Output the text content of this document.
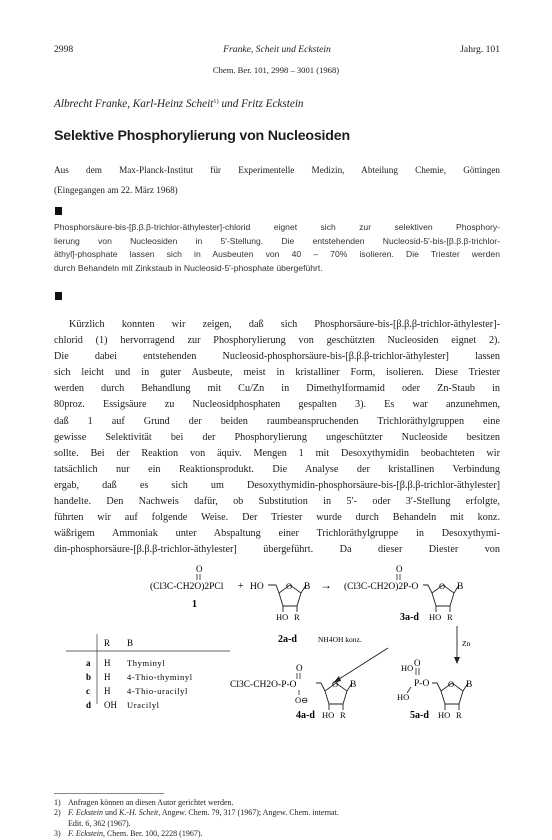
2998	Franke, Scheit und Eckstein	Jahrg. 101
Chem. Ber. 101, 2998 – 3001 (1968)
Albrecht Franke, Karl-Heinz Scheit$^{1)}$ und Fritz Eckstein
Selektive Phosphorylierung von Nucleosiden
Aus dem Max-Planck-Institut für Experimentelle Medizin, Abteilung Chemie, Göttingen
(Eingegangen am 22. März 1968)
Phosphorsäure-bis-[β.β.β-trichlor-äthylester]-chlorid eignet sich zur selektiven Phosphory-
lierung von Nucleosiden in 5′-Stellung. Die entstehenden Nucleosid-5′-bis-[β.β.β-trichlor-
äthyl]-phosphate lassen sich in Ausbeuten von 40 – 70% isolieren. Die Triester werden
durch Behandeln mit Zinkstaub in Nucleosid-5′-phosphate übergeführt.
Kürzlich konnten wir zeigen, daß sich Phosphorsäure-bis-[β.β.β-trichlor-äthylester]-
chlorid (1) hervorragend zur Phosphorylierung von geschützten Nucleosiden eignet 2).
Die dabei entstehenden Nucleosid-phosphorsäure-bis-[β.β.β-trichlor-äthylester] lassen
sich leicht und in guter Ausbeute, meist in kristalliner Form, isolieren. Diese Triester
werden durch Behandlung mit Cu/Zn in Dimethylformamid oder Zn-Staub in
80proz. Essigsäure zu Nucleosidphosphaten gespalten 3). Es war anzunehmen,
daß 1 auf Grund der beiden raumbeanspruchenden Trichloräthylgruppen eine
gewisse Selektivität bei der Phosphorylierung ungeschützter Nucleoside besitzen
sollte. Bei der Reaktion von äquiv. Mengen 1 mit Desoxythymidin beobachteten wir
tatsächlich nur ein Reaktionsprodukt. Die Analyse der kristallinen Verbindung
ergab, daß es sich um Desoxythymidin-phosphorsäure-bis-[β.β.β-trichlor-äthylester]
handelte. Den Nachweis dafür, ob Substitution in 5′- oder 3′-Stellung erfolgte,
führten wir auf folgende Weise. Der Triester wurde durch Behandeln mit konz.
wäßrigem Ammoniak unter Abspaltung einer Trichloräthylgruppe in Desoxythymi-
din-phosphorsäure-[β.β.β-trichlor-äthylester] übergeführt. Da dieser Diester von
O
(Cl3C-CH2O)2PCl
1
+ HO	O B
HO R
2a-d
→
O
(Cl3C-CH2O)2P-O O B
3a-d HO R
NH4OH konz.	Zn
R B
a H Thyminyl
b H 4-Thio-thyminyl
c H 4-Thio-uracilyl
d OH Uracilyl
O
Cl3C-CH2O-P-O
O⊖
O B
4a-d HO R
HO O
P-O
HO
O B
5a-d HO R
1) Anfragen können an diesen Autor gerichtet werden.
2) F. Eckstein und K.-H. Scheit, Angew. Chem. 79, 317 (1967); Angew. Chem. internat.
Edit. 6, 362 (1967).
3) F. Eckstein, Chem. Ber. 100, 2228 (1967).
